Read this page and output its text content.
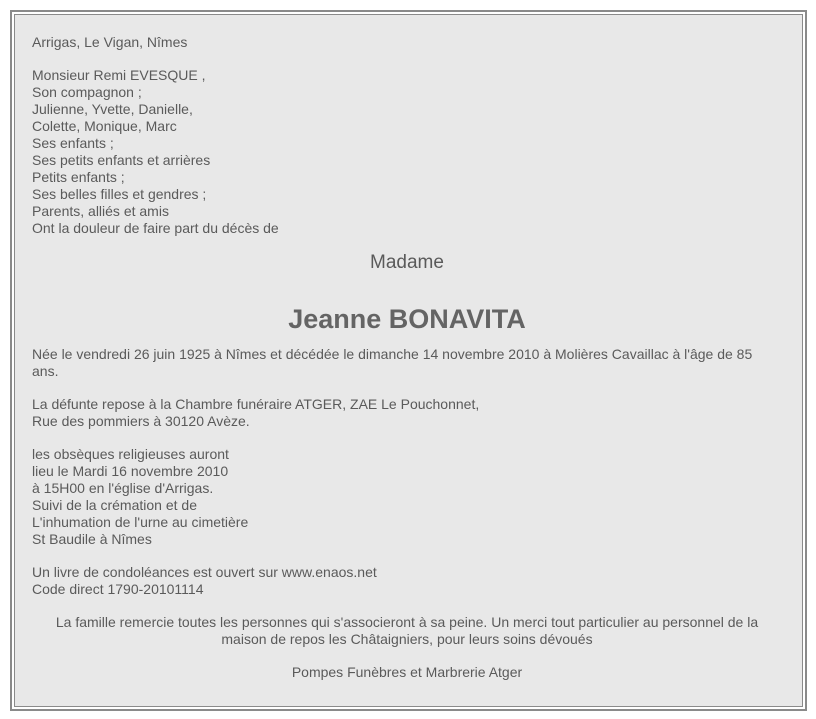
Arrigas, Le Vigan, Nîmes
Monsieur Remi EVESQUE ,
Son compagnon ;
Julienne, Yvette, Danielle,
Colette, Monique, Marc
Ses enfants ;
Ses petits enfants et arrières
Petits enfants ;
Ses belles filles et gendres ;
Parents, alliés et amis
Ont la douleur de faire part du décès de
Madame
Jeanne BONAVITA
Née le vendredi 26 juin 1925 à Nîmes et décédée le dimanche 14 novembre 2010 à Molières Cavaillac à l'âge de 85 ans.
La défunte repose à la Chambre funéraire ATGER, ZAE Le Pouchonnet,
Rue des pommiers à 30120 Avèze.
les obsèques religieuses auront
lieu le Mardi 16 novembre 2010
à 15H00 en l'église d'Arrigas.
Suivi de la crémation et de
L'inhumation de l'urne au cimetière
St Baudile à Nîmes
Un livre de condoléances est ouvert sur www.enaos.net
Code direct 1790-20101114
La famille remercie toutes les personnes qui s'associeront à sa peine. Un merci tout particulier au personnel de la maison de repos les Châtaigniers, pour leurs soins dévoués
Pompes Funèbres et Marbrerie Atger
